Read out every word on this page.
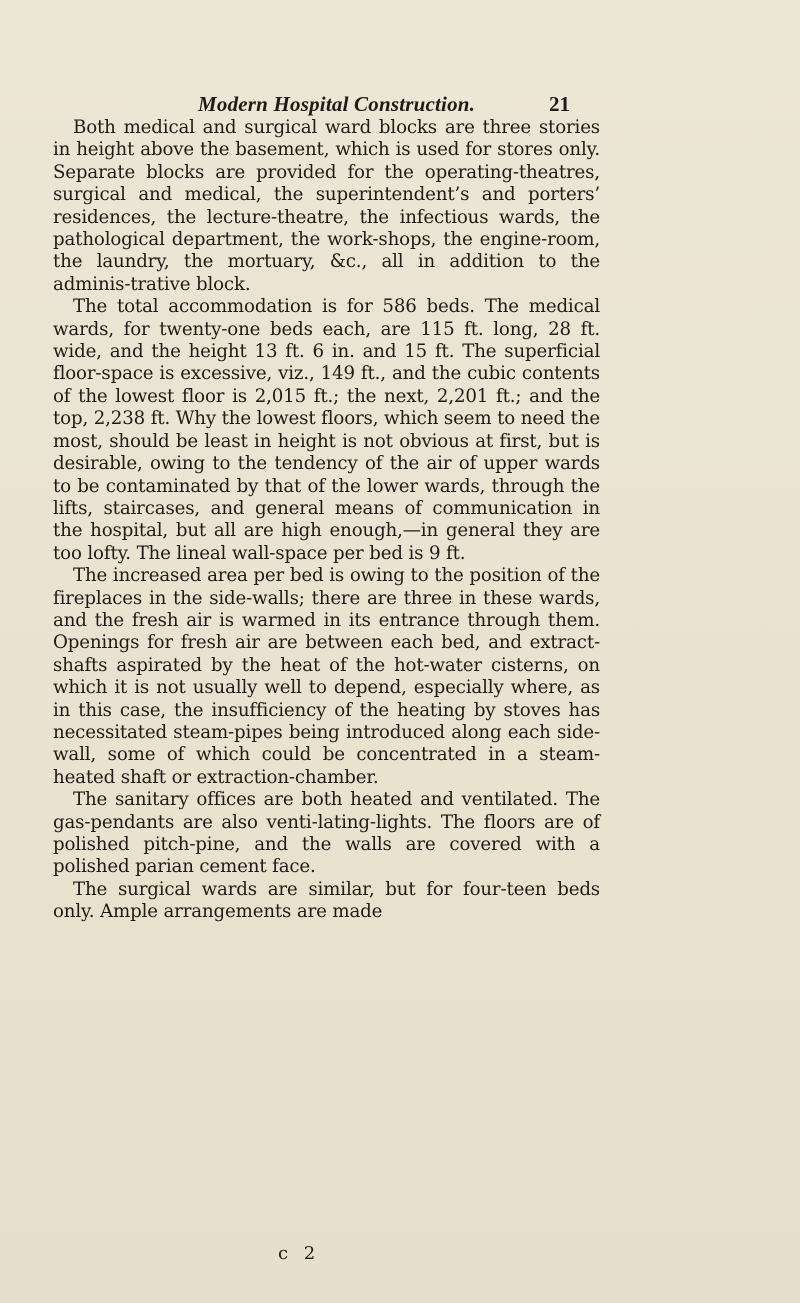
Modern Hospital Construction.	21

Both medical and surgical ward blocks are three stories in height above the basement, which is used for stores only. Separate blocks are provided for the operating-theatres, surgical and medical, the superintendent’s and porters’ residences, the lecture-theatre, the infectious wards, the pathological department, the work-shops, the engine-room, the laundry, the mortuary, &c., all in addition to the adminis-trative block.

The total accommodation is for 586 beds. The medical wards, for twenty-one beds each, are 115 ft. long, 28 ft. wide, and the height 13 ft. 6 in. and 15 ft. The superficial floor-space is excessive, viz., 149 ft., and the cubic contents of the lowest floor is 2,015 ft.; the next, 2,201 ft.; and the top, 2,238 ft. Why the lowest floors, which seem to need the most, should be least in height is not obvious at first, but is desirable, owing to the tendency of the air of upper wards to be contaminated by that of the lower wards, through the lifts, staircases, and general means of communication in the hospital, but all are high enough,—in general they are too lofty. The lineal wall-space per bed is 9 ft.

The increased area per bed is owing to the position of the fireplaces in the side-walls; there are three in these wards, and the fresh air is warmed in its entrance through them. Openings for fresh air are between each bed, and extract-shafts aspirated by the heat of the hot-water cisterns, on which it is not usually well to depend, especially where, as in this case, the insufficiency of the heating by stoves has necessitated steam-pipes being introduced along each side-wall, some of which could be concentrated in a steam-heated shaft or extraction-chamber.

The sanitary offices are both heated and ventilated. The gas-pendants are also venti-lating-lights. The floors are of polished pitch-pine, and the walls are covered with a polished parian cement face.

The surgical wards are similar, but for four-teen beds only. Ample arrangements are made

c 2
